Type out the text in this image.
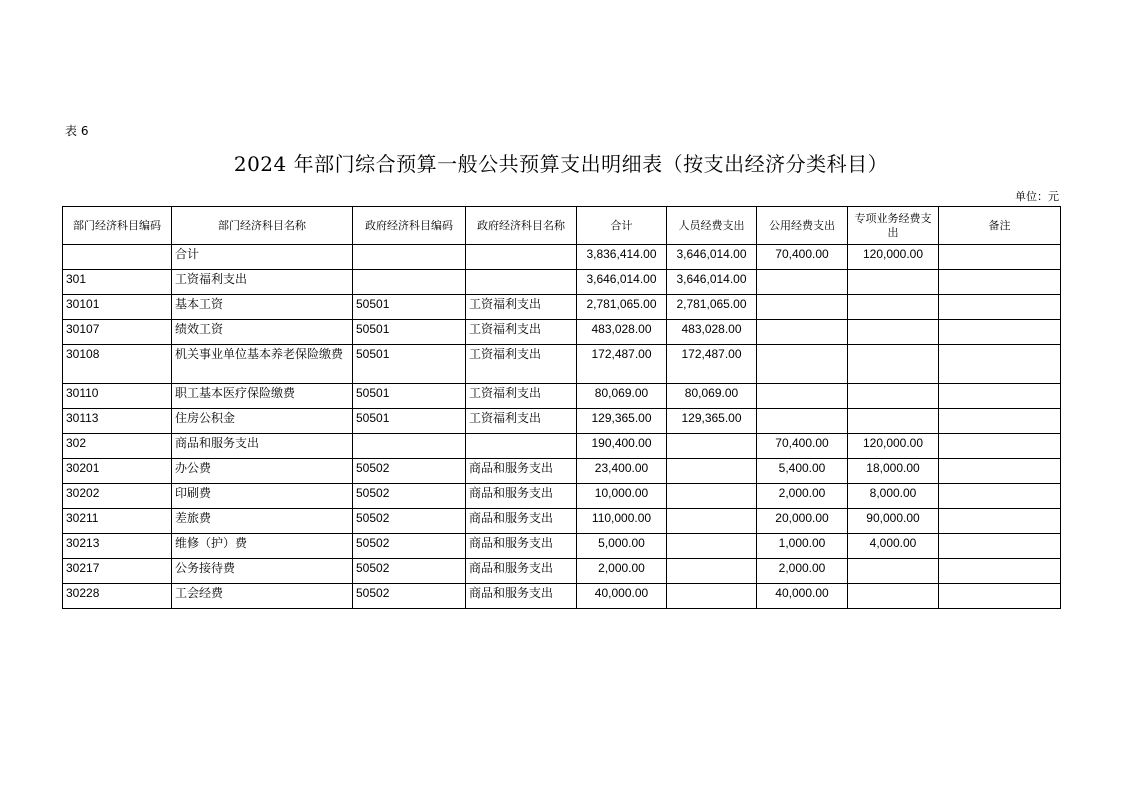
表 6
2024 年部门综合预算一般公共预算支出明细表（按支出经济分类科目）
单位：元
部门经济科目编码	部门经济科目名称	政府经济科目编码	政府经济科目名称	合计	人员经费支出	公用经费支出	专项业务经费支出	备注
	合计			3,836,414.00	3,646,014.00	70,400.00	120,000.00	
301	工资福利支出			3,646,014.00	3,646,014.00			
30101	基本工资	50501	工资福利支出	2,781,065.00	2,781,065.00			
30107	绩效工资	50501	工资福利支出	483,028.00	483,028.00			
30108	机关事业单位基本养老保险缴费	50501	工资福利支出	172,487.00	172,487.00			
30110	职工基本医疗保险缴费	50501	工资福利支出	80,069.00	80,069.00			
30113	住房公积金	50501	工资福利支出	129,365.00	129,365.00			
302	商品和服务支出			190,400.00		70,400.00	120,000.00	
30201	办公费	50502	商品和服务支出	23,400.00		5,400.00	18,000.00	
30202	印刷费	50502	商品和服务支出	10,000.00		2,000.00	8,000.00	
30211	差旅费	50502	商品和服务支出	110,000.00		20,000.00	90,000.00	
30213	维修（护）费	50502	商品和服务支出	5,000.00		1,000.00	4,000.00	
30217	公务接待费	50502	商品和服务支出	2,000.00		2,000.00		
30228	工会经费	50502	商品和服务支出	40,000.00		40,000.00		
